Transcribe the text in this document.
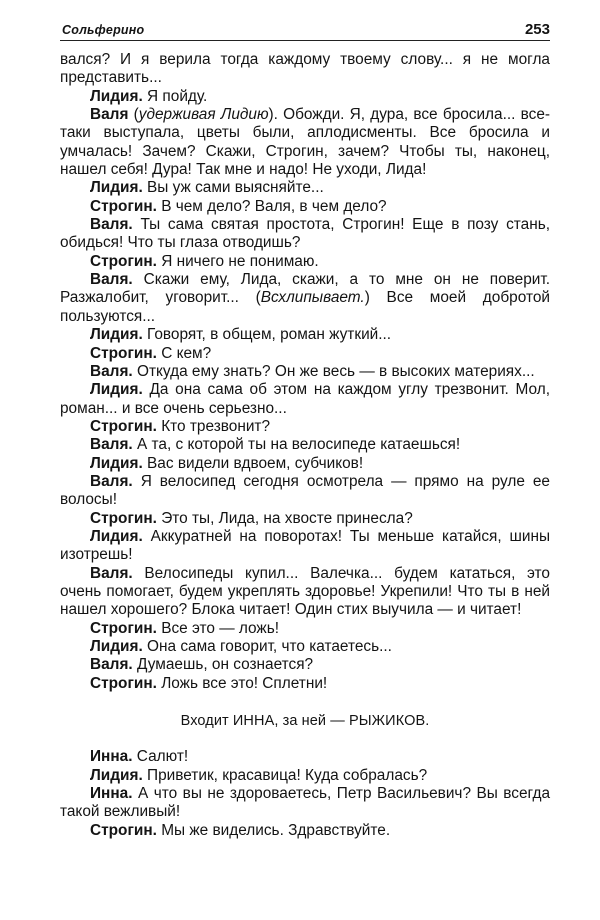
Сольферино	253

вался? И я верила тогда каждому твоему слову... я не могла представить...

Лидия. Я пойду.

Валя (удерживая Лидию). Обожди. Я, дура, все бросила... все-таки выступала, цветы были, аплодисменты. Все бросила и умчалась! Зачем? Скажи, Строгин, зачем? Чтобы ты, наконец, нашел себя! Дура! Так мне и надо! Не уходи, Лида!

Лидия. Вы уж сами выясняйте...

Строгин. В чем дело? Валя, в чем дело?

Валя. Ты сама святая простота, Строгин! Еще в позу стань, обидься! Что ты глаза отводишь?

Строгин. Я ничего не понимаю.

Валя. Скажи ему, Лида, скажи, а то мне он не поверит. Разжалобит, уговорит... (Всхлипывает.) Все моей добротой пользуются...

Лидия. Говорят, в общем, роман жуткий...

Строгин. С кем?

Валя. Откуда ему знать? Он же весь — в высоких материях...

Лидия. Да она сама об этом на каждом углу трезвонит. Мол, роман... и все очень серьезно...

Строгин. Кто трезвонит?

Валя. А та, с которой ты на велосипеде катаешься!

Лидия. Вас видели вдвоем, субчиков!

Валя. Я велосипед сегодня осмотрела — прямо на руле ее волосы!

Строгин. Это ты, Лида, на хвосте принесла?

Лидия. Аккуратней на поворотах! Ты меньше катайся, шины изотрешь!

Валя. Велосипеды купил... Валечка... будем кататься, это очень помогает, будем укреплять здоровье! Укрепили! Что ты в ней нашел хорошего? Блока читает! Один стих выучила — и читает!

Строгин. Все это — ложь!

Лидия. Она сама говорит, что катаетесь...

Валя. Думаешь, он сознается?

Строгин. Ложь все это! Сплетни!

Входит ИННА, за ней — РЫЖИКОВ.

Инна. Салют!

Лидия. Приветик, красавица! Куда собралась?

Инна. А что вы не здороваетесь, Петр Васильевич? Вы всегда такой вежливый!

Строгин. Мы же виделись. Здравствуйте.
